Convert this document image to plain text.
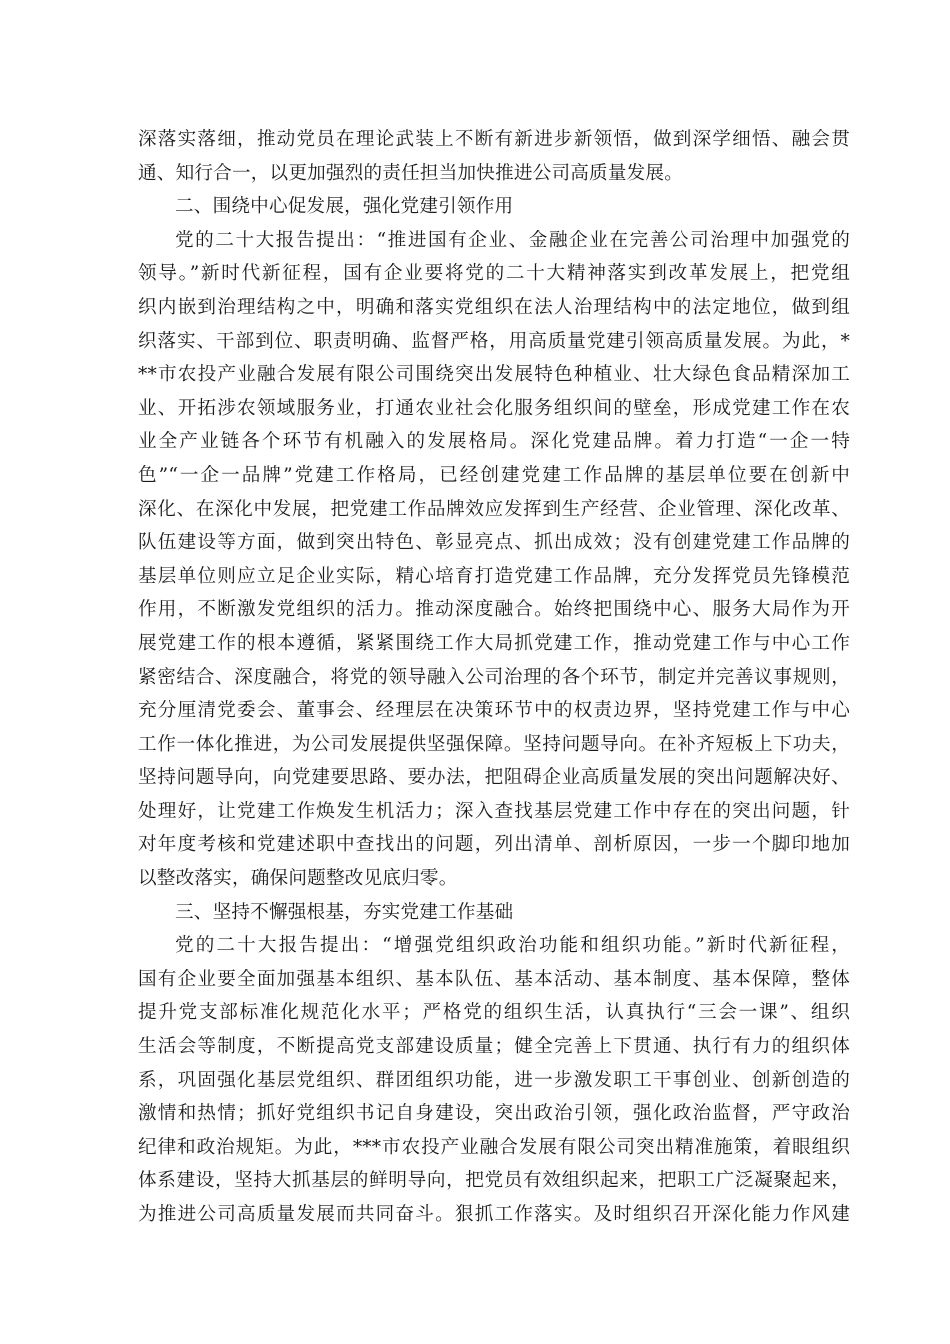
深落实落细，推动党员在理论武装上不断有新进步新领悟，做到深学细悟、融会贯
通、知行合一，以更加强烈的责任担当加快推进公司高质量发展。
二、围绕中心促发展，强化党建引领作用
党的二十大报告提出：“推进国有企业、金融企业在完善公司治理中加强党的
领导。”新时代新征程，国有企业要将党的二十大精神落实到改革发展上，把党组
织内嵌到治理结构之中，明确和落实党组织在法人治理结构中的法定地位，做到组
织落实、干部到位、职责明确、监督严格，用高质量党建引领高质量发展。为此，*
**市农投产业融合发展有限公司围绕突出发展特色种植业、壮大绿色食品精深加工
业、开拓涉农领域服务业，打通农业社会化服务组织间的壁垒，形成党建工作在农
业全产业链各个环节有机融入的发展格局。深化党建品牌。着力打造“一企一特
色”“一企一品牌”党建工作格局，已经创建党建工作品牌的基层单位要在创新中
深化、在深化中发展，把党建工作品牌效应发挥到生产经营、企业管理、深化改革、
队伍建设等方面，做到突出特色、彰显亮点、抓出成效；没有创建党建工作品牌的
基层单位则应立足企业实际，精心培育打造党建工作品牌，充分发挥党员先锋模范
作用，不断激发党组织的活力。推动深度融合。始终把围绕中心、服务大局作为开
展党建工作的根本遵循，紧紧围绕工作大局抓党建工作，推动党建工作与中心工作
紧密结合、深度融合，将党的领导融入公司治理的各个环节，制定并完善议事规则，
充分厘清党委会、董事会、经理层在决策环节中的权责边界，坚持党建工作与中心
工作一体化推进，为公司发展提供坚强保障。坚持问题导向。在补齐短板上下功夫，
坚持问题导向，向党建要思路、要办法，把阻碍企业高质量发展的突出问题解决好、
处理好，让党建工作焕发生机活力；深入查找基层党建工作中存在的突出问题，针
对年度考核和党建述职中查找出的问题，列出清单、剖析原因，一步一个脚印地加
以整改落实，确保问题整改见底归零。
三、坚持不懈强根基，夯实党建工作基础
党的二十大报告提出：“增强党组织政治功能和组织功能。”新时代新征程，
国有企业要全面加强基本组织、基本队伍、基本活动、基本制度、基本保障，整体
提升党支部标准化规范化水平；严格党的组织生活，认真执行“三会一课”、组织
生活会等制度，不断提高党支部建设质量；健全完善上下贯通、执行有力的组织体
系，巩固强化基层党组织、群团组织功能，进一步激发职工干事创业、创新创造的
激情和热情；抓好党组织书记自身建设，突出政治引领，强化政治监督，严守政治
纪律和政治规矩。为此，***市农投产业融合发展有限公司突出精准施策，着眼组织
体系建设，坚持大抓基层的鲜明导向，把党员有效组织起来，把职工广泛凝聚起来，
为推进公司高质量发展而共同奋斗。狠抓工作落实。及时组织召开深化能力作风建
